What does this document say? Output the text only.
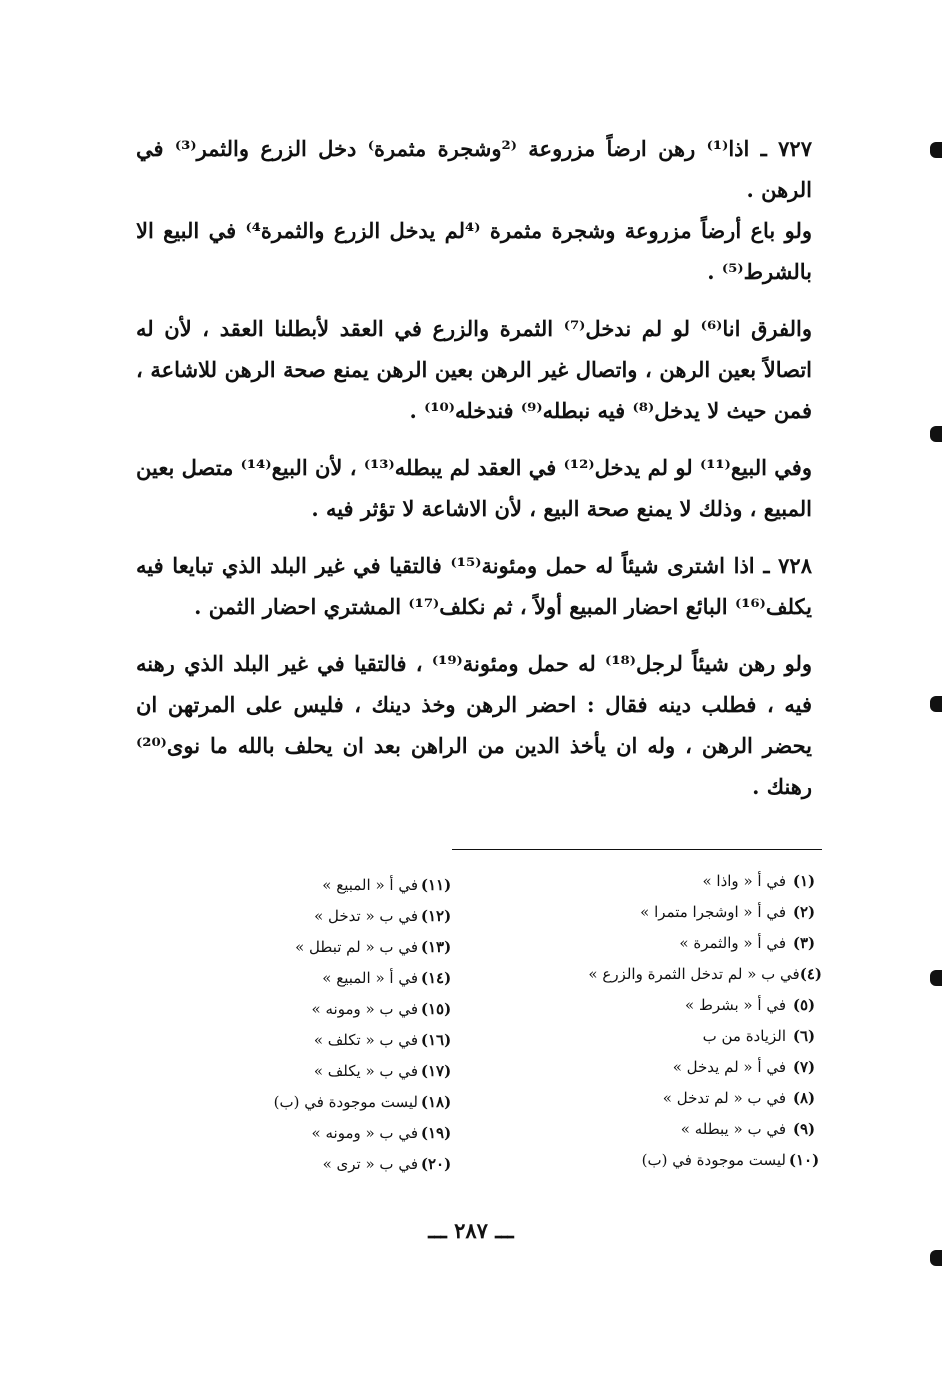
٧٢٧ ـ اذا⁽¹⁾ رهن ارضاً مزروعة ⁽²وشجرة مثمرة⁾ دخل الزرع والثمر⁽³⁾ في الرهن .

ولو باع أرضاً مزروعة وشجرة مثمرة ⁽⁴لم يدخل الزرع والثمرة⁴⁾ في البيع الا بالشرط⁽⁵⁾ .

والفرق انا⁽⁶⁾ لو لم ندخل⁽⁷⁾ الثمرة والزرع في العقد لأبطلنا العقد ، لأن له اتصالاً بعين الرهن ، واتصال غير الرهن بعين الرهن يمنع صحة الرهن للاشاعة ، فمن حيث لا يدخل⁽⁸⁾ فيه نبطله⁽⁹⁾ فندخله⁽¹⁰⁾ .

وفي البيع⁽¹¹⁾ لو لم يدخل⁽¹²⁾ في العقد لم يبطله⁽¹³⁾ ، لأن البيع⁽¹⁴⁾ متصل بعين المبيع ، وذلك لا يمنع صحة البيع ، لأن الاشاعة لا تؤثر فيه .

٧٢٨ ـ اذا اشترى شيئاً له حمل ومئونة⁽¹⁵⁾ فالتقيا في غير البلد الذي تبايعا فيه يكلف⁽¹⁶⁾ البائع احضار المبيع أولاً ، ثم نكلف⁽¹⁷⁾ المشتري احضار الثمن .

ولو رهن شيئاً لرجل⁽¹⁸⁾ له حمل ومئونة⁽¹⁹⁾ ، فالتقيا في غير البلد الذي رهنه فيه ، فطلب دينه فقال : احضر الرهن وخذ دينك ، فليس على المرتهن ان يحضر الرهن ، وله ان يأخذ الدين من الراهن بعد ان يحلف بالله ما نوى⁽²⁰⁾ رهنك .

(١)
في أ « واذا »
(٢)
في أ « اوشجرا متمرا »
(٣)
في أ « والثمرة »
(٤)
في ب « لم تدخل الثمرة والزرع »
(٥)
في أ « بشرط »
(٦)
الزيادة من ب
(٧)
في أ « لم يدخل »
(٨)
في ب « لم تدخل »
(٩)
في ب « يبطله »
(١٠)
ليست موجودة في (ب)
(١١)
في أ « المبيع »
(١٢)
في ب « تدخل »
(١٣)
في ب « لم تبطل »
(١٤)
في أ « المبيع »
(١٥)
في ب « ومونه »
(١٦)
في ب « تكلف »
(١٧)
في ب « يكلف »
(١٨)
ليست موجودة في (ب)
(١٩)
في ب « ومونه »
(٢٠)
في ب « ترى »
ـــ ٢٨٧ ـــ
